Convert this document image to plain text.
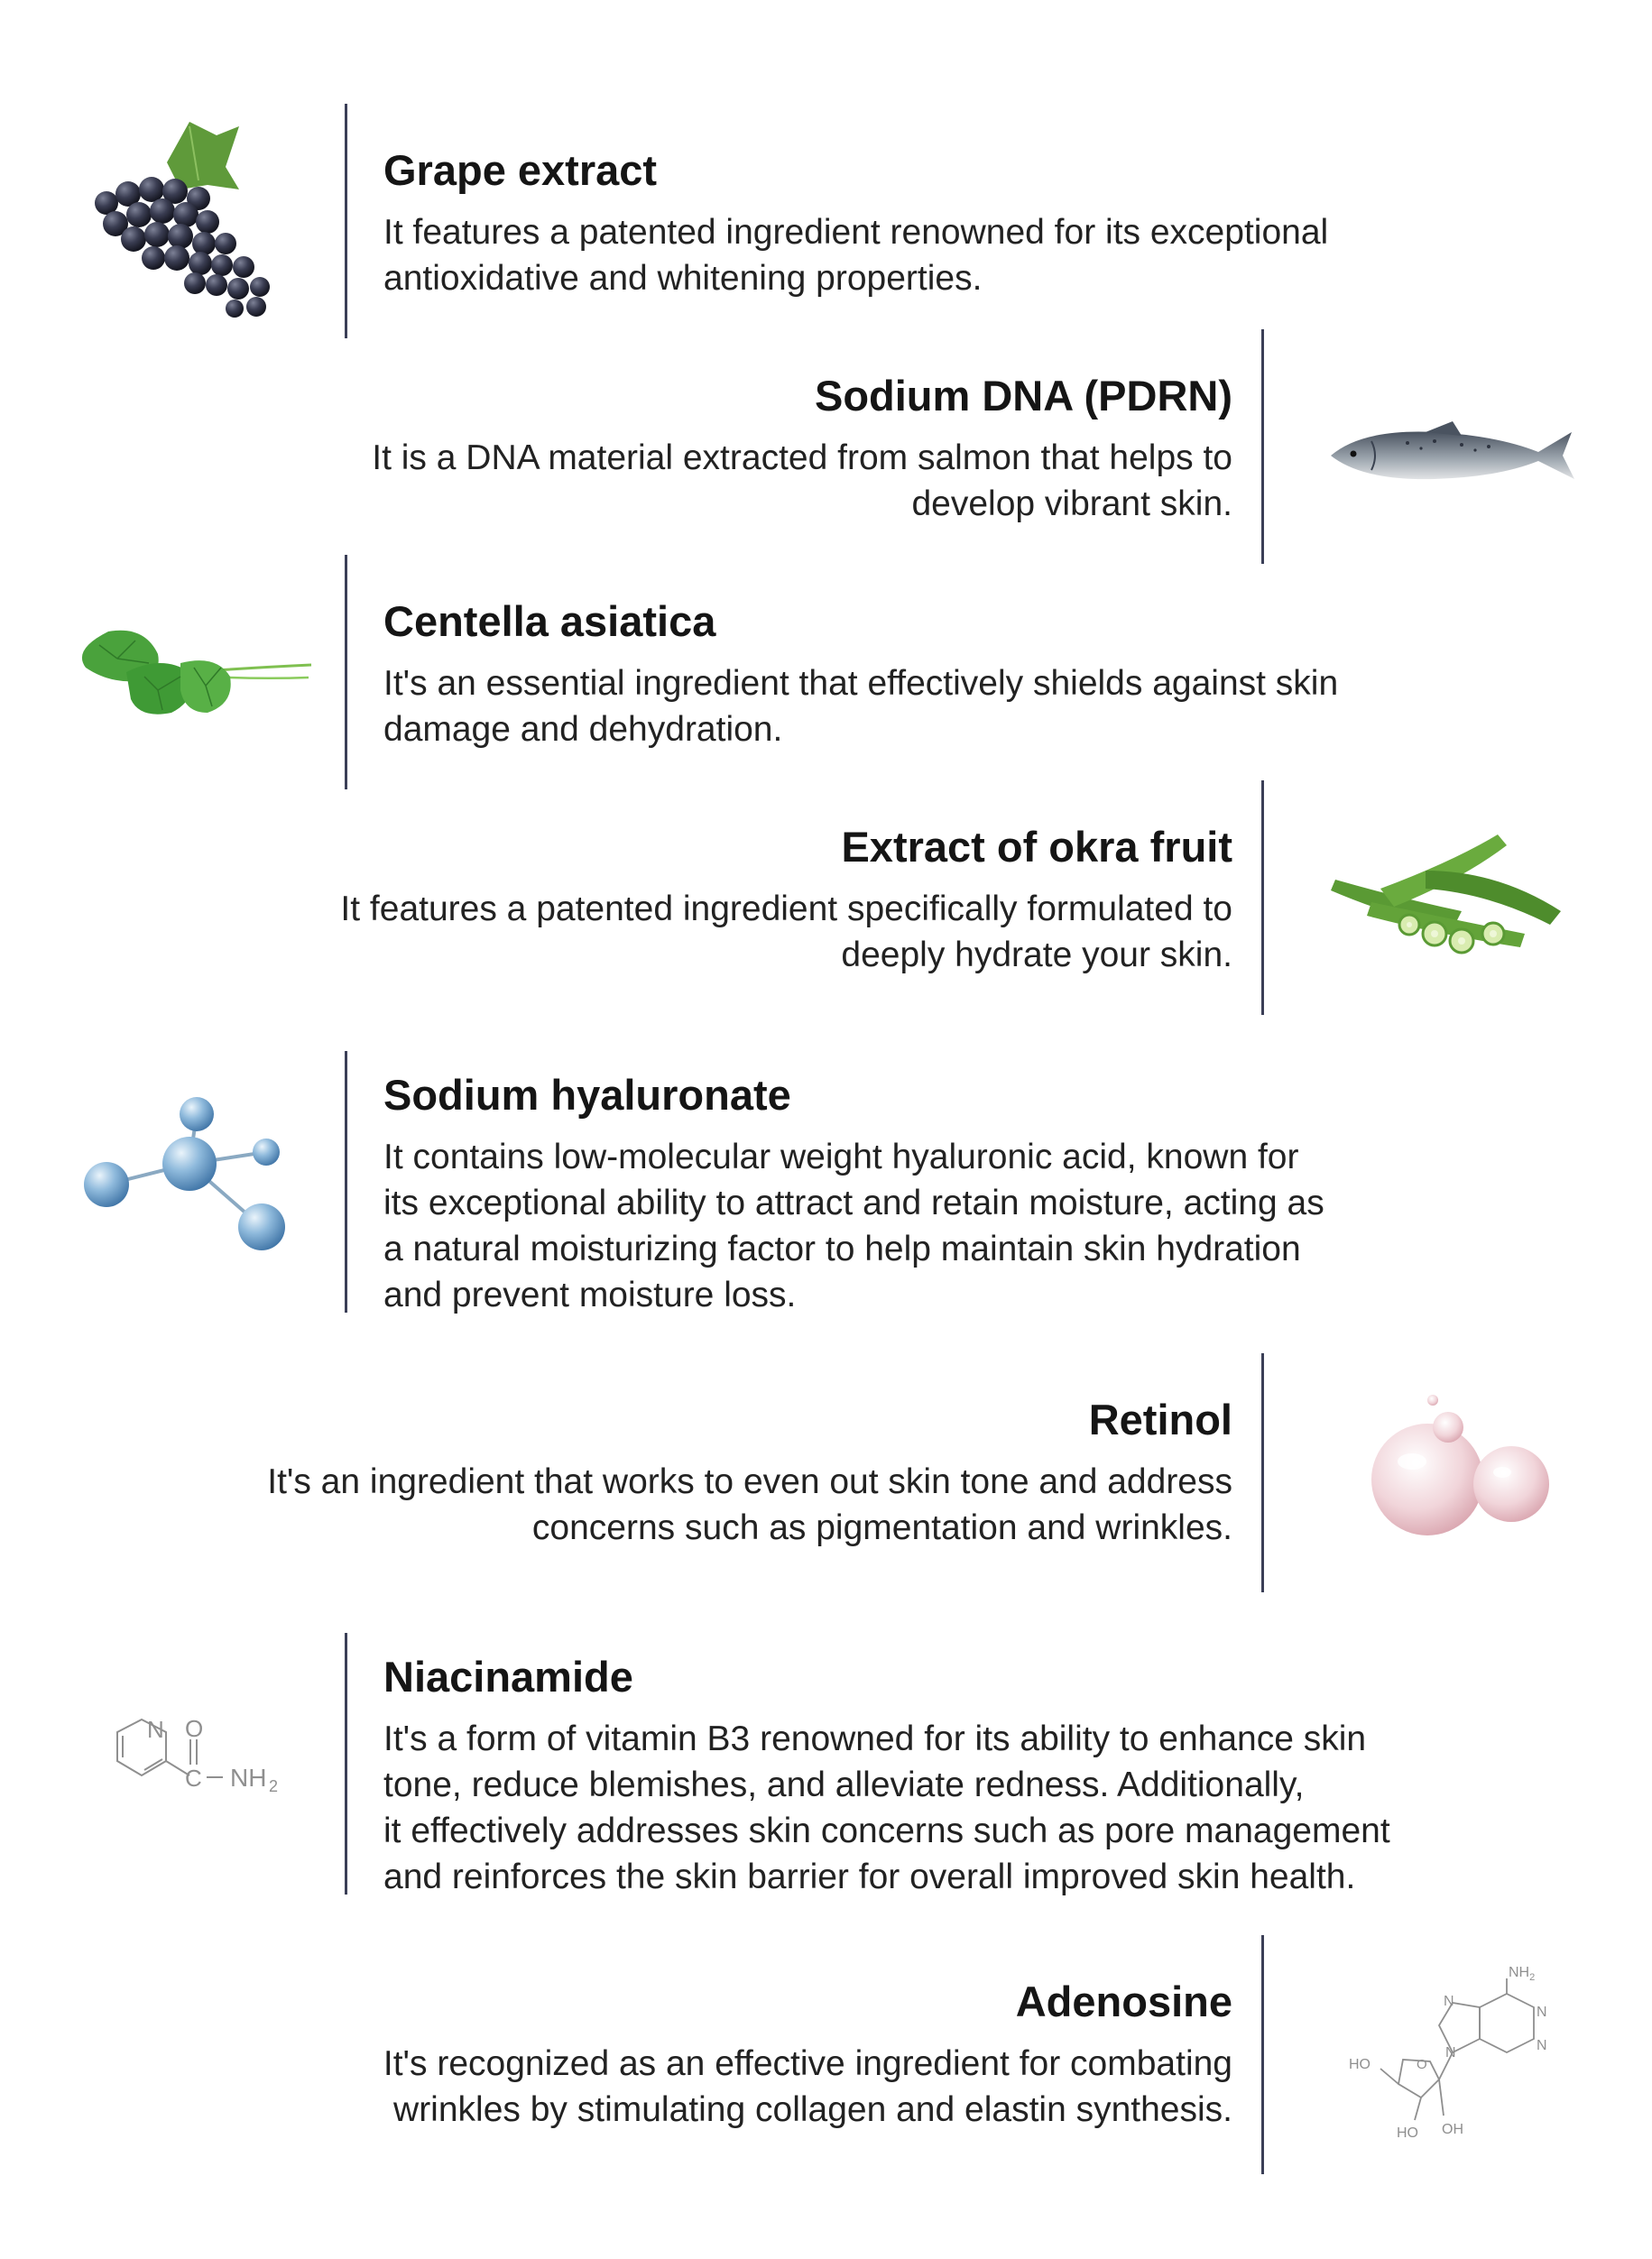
Grape extract
It features a patented ingredient renowned for its exceptional
antioxidative and whitening properties.
Sodium DNA (PDRN)
It is a DNA material extracted from salmon that helps to
develop vibrant skin.
Centella asiatica
It's an essential ingredient that effectively shields against skin
damage and dehydration.
Extract of okra fruit
It features a patented ingredient specifically formulated to
deeply hydrate your skin.
Sodium hyaluronate
It contains low-molecular weight hyaluronic acid, known for
its exceptional ability to attract and retain moisture, acting as
a natural moisturizing factor to help maintain skin hydration
and prevent moisture loss.
Retinol
It's an ingredient that works to even out skin tone and address
concerns such as pigmentation and wrinkles.
N O
C NH 2
Niacinamide
It's a form of vitamin B3 renowned for its ability to enhance skin
tone, reduce blemishes, and alleviate redness. Additionally,
it effectively addresses skin concerns such as pore management
and reinforces the skin barrier for overall improved skin health.
Adenosine
It's recognized as an effective ingredient for combating
wrinkles by stimulating collagen and elastin synthesis.
$NH_2$
N
N
N
N
O
HO
HO OH
